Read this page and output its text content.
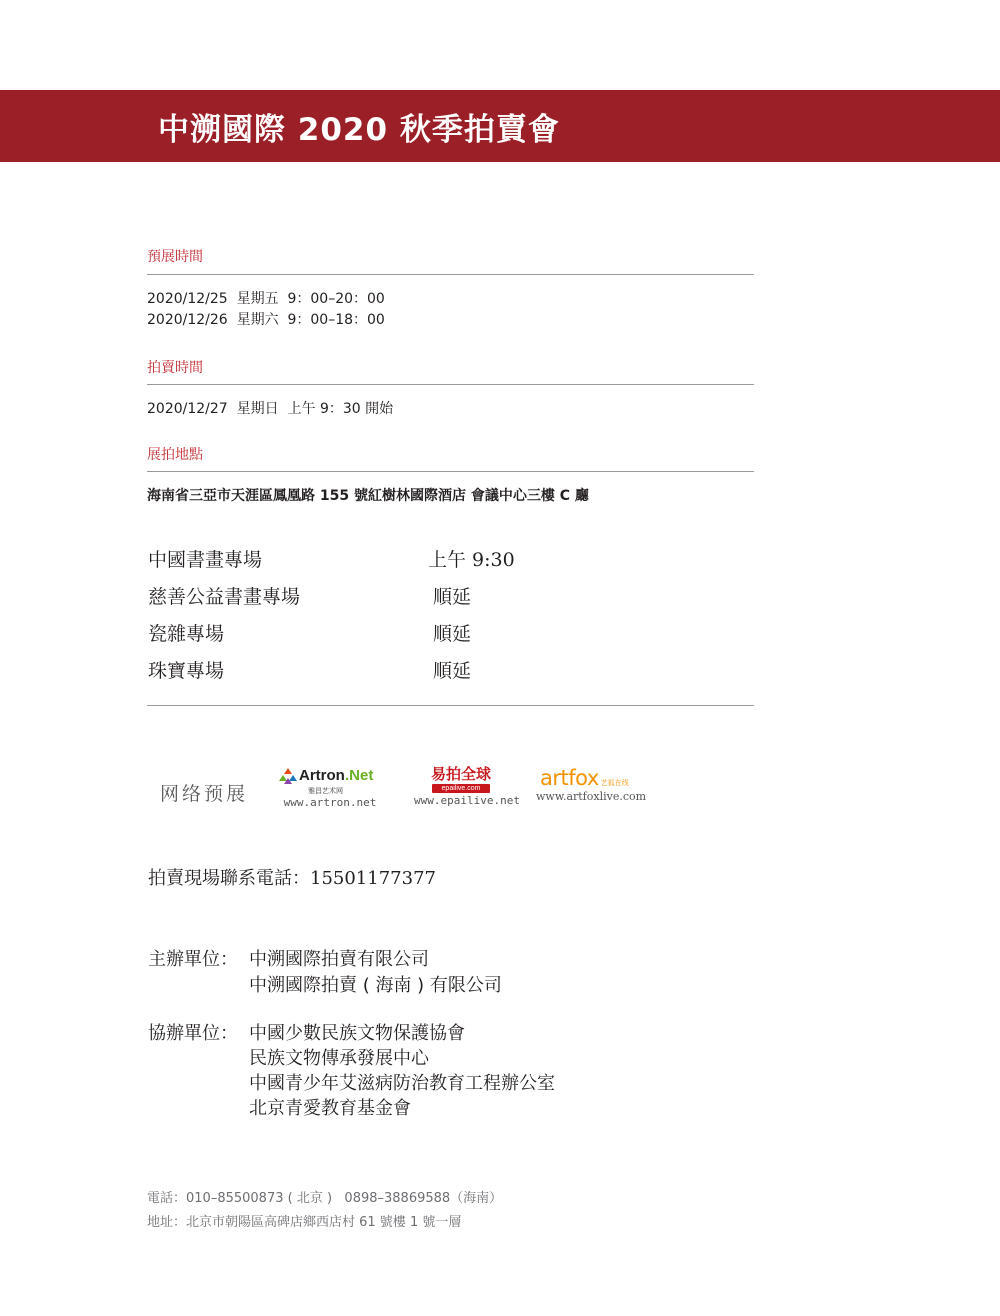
中溯國際 2020 秋季拍賣會
預展時間
2020/12/25  星期五  9：00–20：00
2020/12/26  星期六  9：00–18：00
拍賣時間
2020/12/27  星期日  上午 9：30 開始
展拍地點
海南省三亞市天涯區鳳凰路 155 號紅樹林國際酒店 會議中心三樓 C 廳
中國書畫專場	上午 9:30
慈善公益書畫專場	順延
瓷雜專場	順延
珠寶專場	順延
网络预展
Artron .Net
雅昌艺术网
www.artron.net
易拍全球
epailive.com
www.epailive.net
artfox 艺狐在线
www.artfoxlive.com
拍賣現場聯系電話：15501177377
主辦單位： 中溯國際拍賣有限公司
中溯國際拍賣 ( 海南 ) 有限公司
協辦單位： 中國少數民族文物保護協會
民族文物傳承發展中心
中國青少年艾滋病防治教育工程辦公室
北京青愛教育基金會
電話：010–85500873 ( 北京 )   0898–38869588（海南）
地址：北京市朝陽區高碑店鄉西店村 61 號樓 1 號一層
